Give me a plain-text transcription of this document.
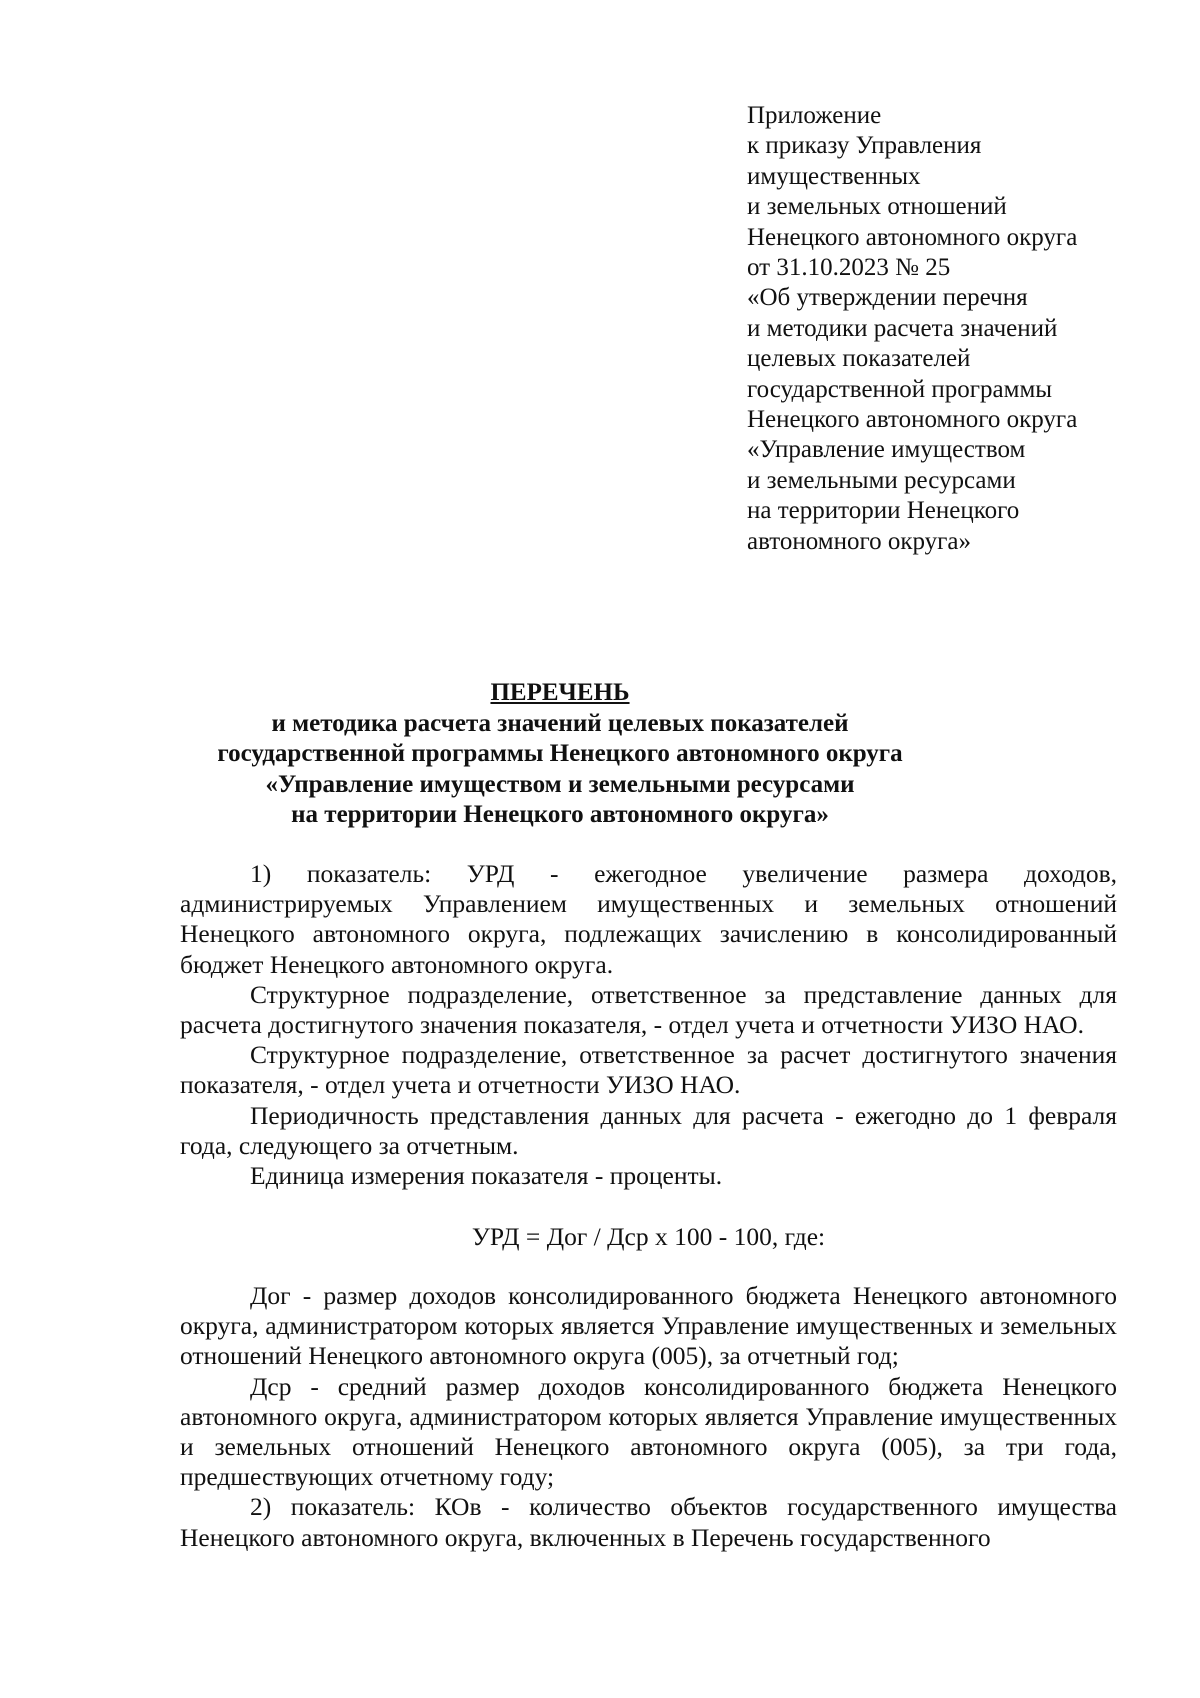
Приложение
к приказу Управления
имущественных
и земельных отношений
Ненецкого автономного округа
от 31.10.2023 № 25
«Об утверждении перечня
и методики расчета значений
целевых показателей
государственной программы
Ненецкого автономного округа
«Управление имуществом
и земельными ресурсами
на территории Ненецкого
автономного округа»
ПЕРЕЧЕНЬ
и методика расчета значений целевых показателей
государственной программы Ненецкого автономного округа
«Управление имуществом и земельными ресурсами
на территории Ненецкого автономного округа»

1) показатель: УРД - ежегодное увеличение размера доходов, администрируемых Управлением имущественных и земельных отношений Ненецкого автономного округа, подлежащих зачислению в консолидированный бюджет Ненецкого автономного округа.

Структурное подразделение, ответственное за представление данных для расчета достигнутого значения показателя, - отдел учета и отчетности УИЗО НАО.

Структурное подразделение, ответственное за расчет достигнутого значения показателя, - отдел учета и отчетности УИЗО НАО.

Периодичность представления данных для расчета - ежегодно до 1 февраля года, следующего за отчетным.

Единица измерения показателя - проценты.

УРД = Дог / Дср х 100 - 100, где:

Дог - размер доходов консолидированного бюджета Ненецкого автономного округа, администратором которых является Управление имущественных и земельных отношений Ненецкого автономного округа (005), за отчетный год;

Дср - средний размер доходов консолидированного бюджета Ненецкого автономного округа, администратором которых является Управление имущественных и земельных отношений Ненецкого автономного округа (005), за три года, предшествующих отчетному году;

2) показатель: КОв - количество объектов государственного имущества Ненецкого автономного округа, включенных в Перечень государственного
